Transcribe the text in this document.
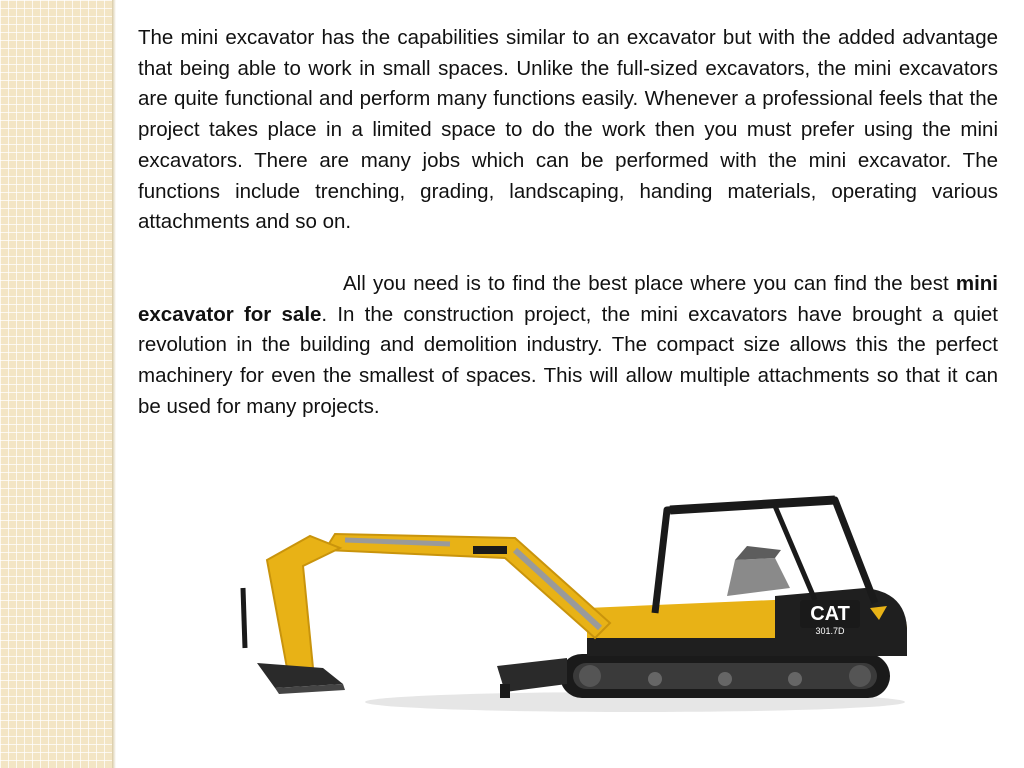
The mini excavator has the capabilities similar to an excavator but with the added advantage that being able to work in small spaces. Unlike the full-sized excavators, the mini excavators are quite functional and perform many functions easily. Whenever a professional feels that the project takes place in a limited space to do the work then you must prefer using the mini excavators. There are many jobs which can be performed with the mini excavator. The functions include trenching, grading, landscaping, handing materials, operating various attachments and so on.

All you need is to find the best place where you can find the best mini excavator for sale. In the construction project, the mini excavators have brought a quiet revolution in the building and demolition industry. The compact size allows this the perfect machinery for even the smallest of spaces. This will allow multiple attachments so that it can be used for many projects.

CAT
301.7D
